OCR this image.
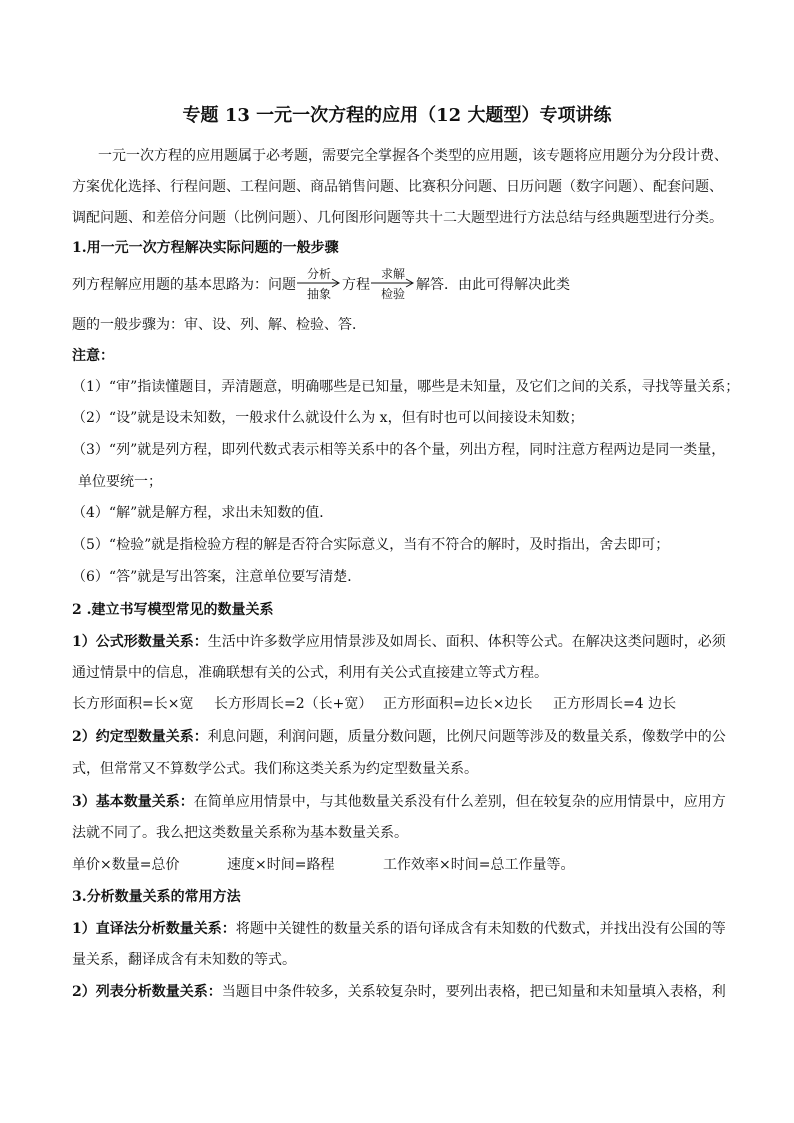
专题 13 一元一次方程的应用（12 大题型）专项讲练
一元一次方程的应用题属于必考题，需要完全掌握各个类型的应用题，该专题将应用题分为分段计费、
方案优化选择、行程问题、工程问题、商品销售问题、比赛积分问题、日历问题（数字问题）、配套问题、
调配问题、和差倍分问题（比例问题）、几何图形问题等共十二大题型进行方法总结与经典题型进行分类。
1.用一元一次方程解决实际问题的一般步骤
列方程解应用题的基本思路为：问题
分析
抽象
方程
求解
检验
解答．由此可得解决此类
题的一般步骤为：审、设、列、解、检验、答．
注意：
（1）“审”指读懂题目，弄清题意，明确哪些是已知量，哪些是未知量，及它们之间的关系，寻找等量关系；
（2）“设”就是设未知数，一般求什么就设什么为 x，但有时也可以间接设未知数；
（3）“列”就是列方程，即列代数式表示相等关系中的各个量，列出方程，同时注意方程两边是同一类量，
单位要统一；
（4）“解”就是解方程，求出未知数的值．
（5）“检验”就是指检验方程的解是否符合实际意义，当有不符合的解时，及时指出，舍去即可；
（6）“答”就是写出答案，注意单位要写清楚．
2 .建立书写模型常见的数量关系
1）公式形数量关系：生活中许多数学应用情景涉及如周长、面积、体积等公式。在解决这类问题时，必须
通过情景中的信息，准确联想有关的公式，利用有关公式直接建立等式方程。
长方形面积=长×宽 长方形周长=2（长+宽） 正方形面积=边长×边长 正方形周长=4 边长
2）约定型数量关系：利息问题，利润问题，质量分数问题，比例尺问题等涉及的数量关系，像数学中的公
式，但常常又不算数学公式。我们称这类关系为约定型数量关系。
3）基本数量关系：在简单应用情景中，与其他数量关系没有什么差别，但在较复杂的应用情景中，应用方
法就不同了。我么把这类数量关系称为基本数量关系。
单价×数量=总价	速度×时间=路程	工作效率×时间=总工作量等。
3.分析数量关系的常用方法
1）直译法分析数量关系：将题中关键性的数量关系的语句译成含有未知数的代数式，并找出没有公国的等
量关系，翻译成含有未知数的等式。
2）列表分析数量关系：当题目中条件较多，关系较复杂时，要列出表格，把已知量和未知量填入表格，利
